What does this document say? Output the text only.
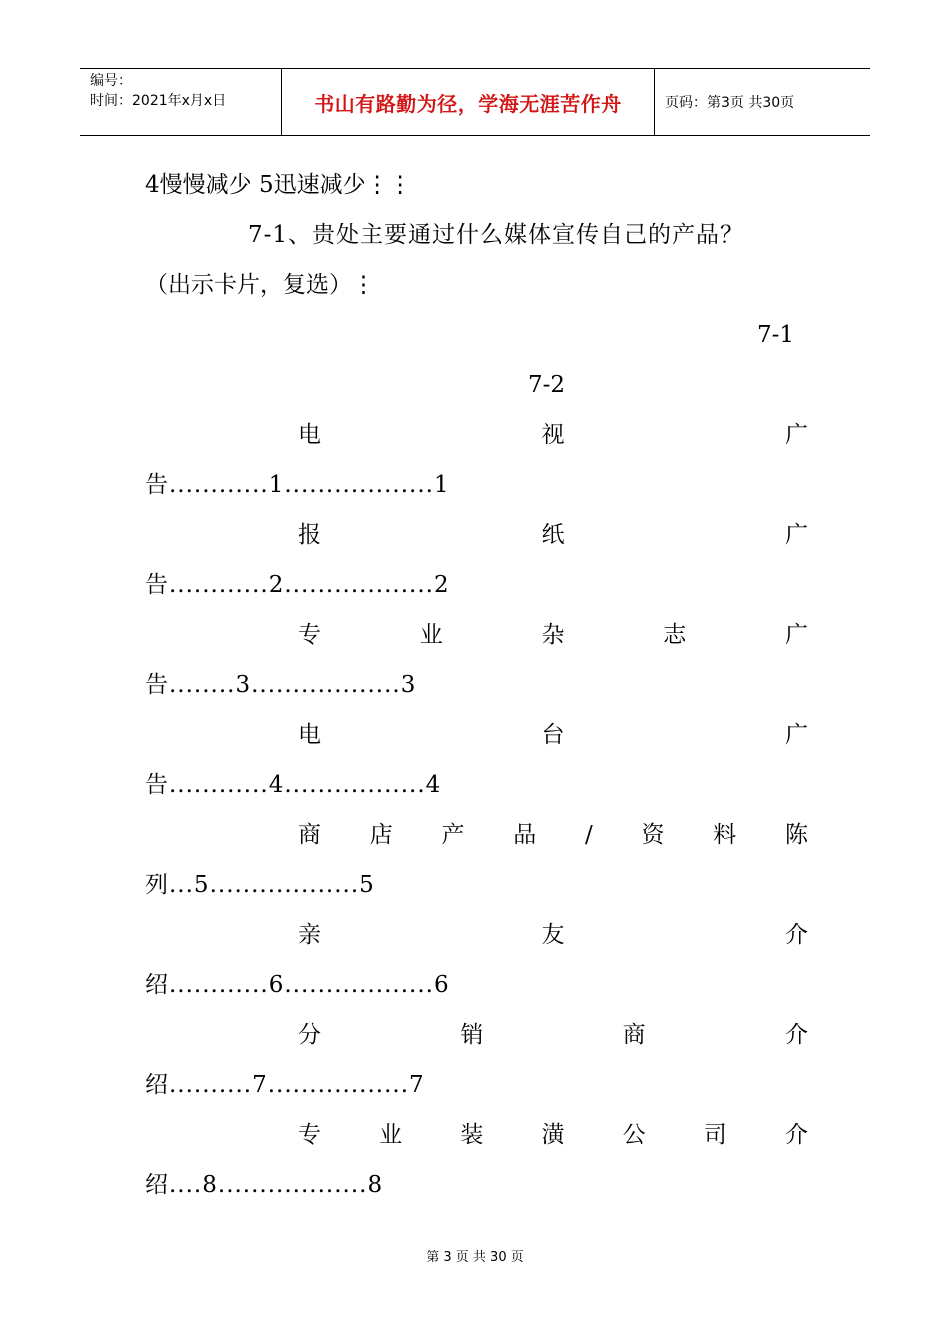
编号：
时间：2021年x月x日	书山有路勤为径，学海无涯苦作舟	页码：第3页 共30页
4慢慢减少 5迅速减少⋮⋮
7-1、贵处主要通过什么媒体宣传自己的产品？
（出示卡片，复选）⋮
7-1
7-2
电	视	广
告............1..................1
报	纸	广
告............2..................2
专	业	杂	志	广
告........3..................3
电	台	广
告............4.................4
商 店 产 品 / 资 料 陈
列...5..................5
亲	友	介
绍............6..................6
分	销	商	介
绍..........7.................7
专	业	装	潢	公	司	介
绍....8..................8
第 3 页 共 30 页
